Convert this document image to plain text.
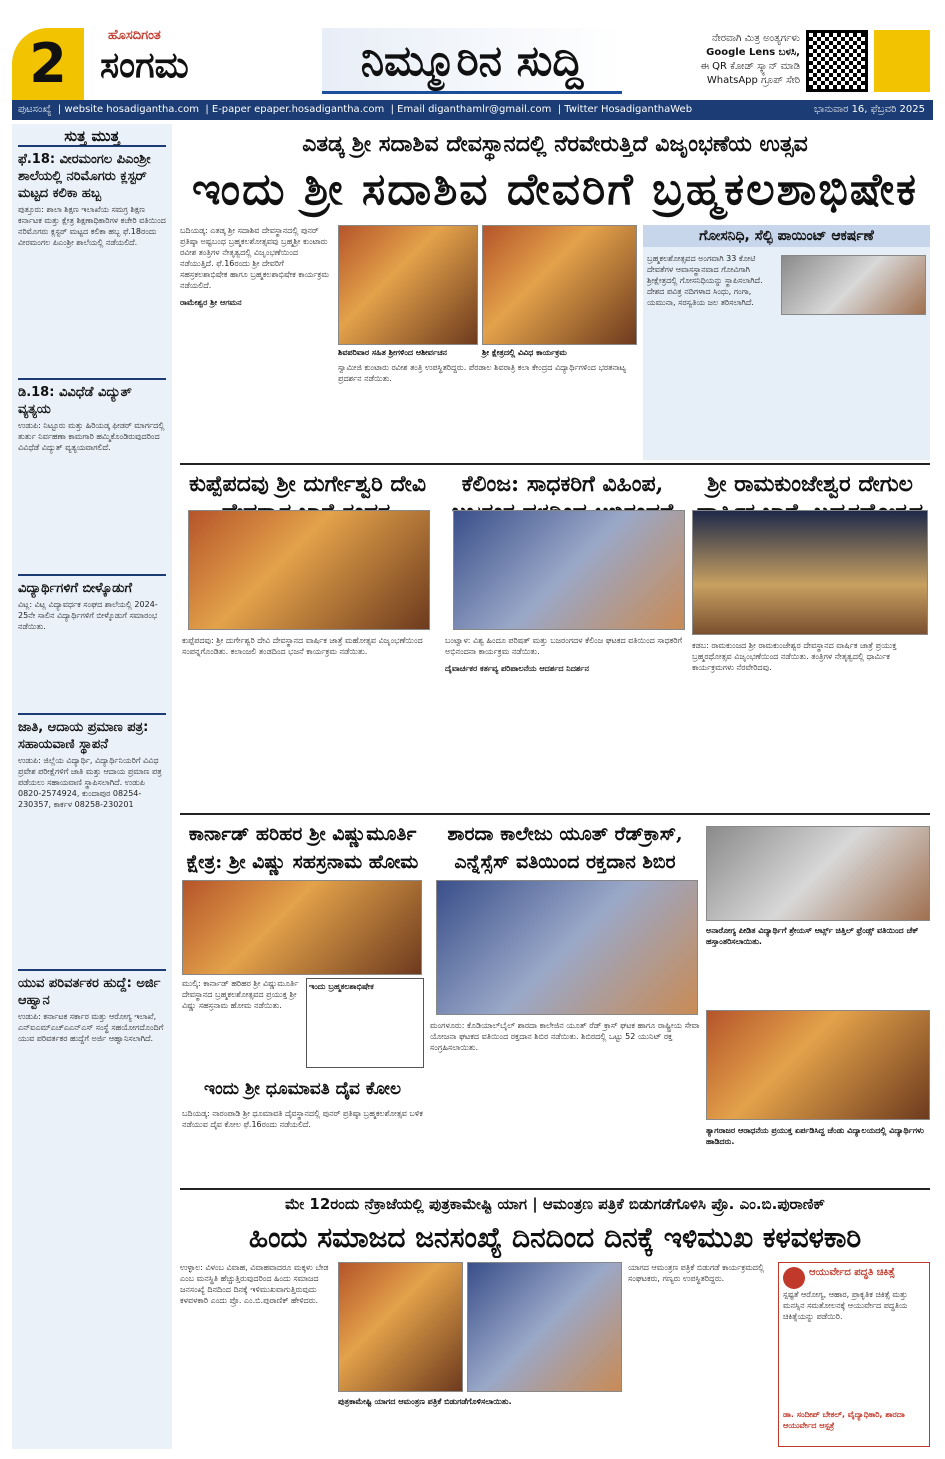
2	ಹೊಸದಿಗಂತ
ಸಂಗಮ	ನಿಮ್ಮೂರಿನ ಸುದ್ದಿ	ನೇರವಾಗಿ ಮಿತ್ರ ಅಂತ್ಯರ್ಗಳು
Google Lens ಬಳಸಿ,
ಈ QR ಕೋಡ್ ಸ್ಕ್ಯಾನ್ ಮಾಡಿ
WhatsApp ಗ್ರೂಪ್ ಸೇರಿ
ಪುಟಸಂಖ್ಯೆ  | website hosadigantha.com  | E-paper epaper.hosadigantha.com  | Email diganthamlr@gmail.com  | Twitter HosadiganthaWeb	ಭಾನುವಾರ 16, ಫೆಬ್ರವರಿ 2025
ಸುತ್ತ ಮುತ್ತ
ಫೆ.18: ವೀರಮಂಗಲ ಪಿಎಂಶ್ರೀ ಶಾಲೆಯಲ್ಲಿ ನರಿಮೊಗರು ಕ್ಲಸ್ಟರ್ ಮಟ್ಟದ ಕಲಿಕಾ ಹಬ್ಬ
ಪುತ್ತೂರು: ಶಾಲಾ ಶಿಕ್ಷಣ ಇಲಾಖೆಯ ಸಮಗ್ರ ಶಿಕ್ಷಣ ಕರ್ನಾಟಕ ಮತ್ತು ಕ್ಷೇತ್ರ ಶಿಕ್ಷಣಾಧಿಕಾರಿಗಳ ಕಚೇರಿ ವತಿಯಿಂದ ನರಿಮೊಗರು ಕ್ಲಸ್ಟರ್ ಮಟ್ಟದ ಕಲಿಕಾ ಹಬ್ಬ ಫೆ.18ರಂದು ವೀರಮಂಗಲ ಪಿಎಂಶ್ರೀ ಶಾಲೆಯಲ್ಲಿ ನಡೆಯಲಿದೆ.
ಡಿ.18: ವಿವಿಧೆಡೆ ವಿದ್ಯುತ್ ವ್ಯತ್ಯಯ
ಉಡುಪಿ: ನಿಟ್ಟೂರು ಮತ್ತು ಹಿರಿಯಡ್ಕ ಫೀಡರ್ ಮಾರ್ಗದಲ್ಲಿ ತುರ್ತು ನಿರ್ವಹಣಾ ಕಾಮಗಾರಿ ಹಮ್ಮಿಕೊಂಡಿರುವುದರಿಂದ ವಿವಿಧೆಡೆ ವಿದ್ಯುತ್ ವ್ಯತ್ಯಯವಾಗಲಿದೆ.
ವಿದ್ಯಾರ್ಥಿಗಳಿಗೆ ಬೀಳ್ಕೊಡುಗೆ
ವಿಟ್ಲ: ವಿಟ್ಲ ವಿದ್ಯಾವರ್ಧಕ ಸಂಘದ ಶಾಲೆಯಲ್ಲಿ 2024-25ನೇ ಸಾಲಿನ ವಿದ್ಯಾರ್ಥಿಗಳಿಗೆ ಬೀಳ್ಕೊಡುಗೆ ಸಮಾರಂಭ ನಡೆಯಿತು.
ಜಾತಿ, ಆದಾಯ ಪ್ರಮಾಣ ಪತ್ರ: ಸಹಾಯವಾಣಿ ಸ್ಥಾಪನೆ
ಉಡುಪಿ: ಜಿಲ್ಲೆಯ ವಿದ್ಯಾರ್ಥಿ, ವಿದ್ಯಾರ್ಥಿನಿಯರಿಗೆ ವಿವಿಧ ಪ್ರವೇಶ ಪರೀಕ್ಷೆಗಳಿಗೆ ಜಾತಿ ಮತ್ತು ಆದಾಯ ಪ್ರಮಾಣ ಪತ್ರ ಪಡೆಯಲು ಸಹಾಯವಾಣಿ ಸ್ಥಾಪಿಸಲಾಗಿದೆ. ಉಡುಪಿ 0820-2574924, ಕುಂದಾಪುರ 08254-230357, ಕಾರ್ಕಳ 08258-230201
ಯುವ ಪರಿವರ್ತಕರ ಹುದ್ದೆ: ಅರ್ಜಿ ಆಹ್ವಾನ
ಉಡುಪಿ: ಕರ್ನಾಟಕ ಸರ್ಕಾರ ಮತ್ತು ಆರೋಗ್ಯ ಇಲಾಖೆ, ಎನ್ಐಎಮ್ಎಚ್ಎಎನ್ಎಸ್ ಸಂಸ್ಥೆ ಸಹಯೋಗದೊಂದಿಗೆ ಯುವ ಪರಿವರ್ತಕರ ಹುದ್ದೆಗೆ ಅರ್ಜಿ ಆಹ್ವಾನಿಸಲಾಗಿದೆ.
ಎತಡ್ಕ ಶ್ರೀ ಸದಾಶಿವ ದೇವಸ್ಥಾನದಲ್ಲಿ ನೆರವೇರುತ್ತಿದೆ ವಿಜೃಂಭಣೆಯ ಉತ್ಸವ
ಇಂದು ಶ್ರೀ ಸದಾಶಿವ ದೇವರಿಗೆ ಬ್ರಹ್ಮಕಲಶಾಭಿಷೇಕ
ಬದಿಯಡ್ಕ: ಎತಡ್ಕ ಶ್ರೀ ಸದಾಶಿವ ದೇವಸ್ಥಾನದಲ್ಲಿ ಪುನರ್ ಪ್ರತಿಷ್ಠಾ ಅಷ್ಟಬಂಧ ಬ್ರಹ್ಮಕಲಶೋತ್ಸವವು ಬ್ರಹ್ಮಶ್ರೀ ಕುಂಟಾರು ರವೀಶ ತಂತ್ರಿಗಳ ನೇತೃತ್ವದಲ್ಲಿ ವಿಜೃಂಭಣೆಯಿಂದ ನಡೆಯುತ್ತಿದೆ. ಫೆ.16ರಂದು ಶ್ರೀ ದೇವರಿಗೆ ಸಹಸ್ರಕಲಶಾಭಿಷೇಕ ಹಾಗೂ ಬ್ರಹ್ಮಕಲಶಾಭಿಷೇಕ ಕಾರ್ಯಕ್ರಮ ನಡೆಯಲಿದೆ.
ರಾಮೇಶ್ವರ ಶ್ರೀ ಆಗಮನ
ಶಿವಪರಿವಾರ ಸಹಿತ ಶ್ರೀಗಳಿಂದ ಆಶೀರ್ವಚನ	ಶ್ರೀ ಕ್ಷೇತ್ರದಲ್ಲಿ ವಿವಿಧ ಕಾರ್ಯಕ್ರಮ
ಸ್ವಾಮೀಜಿ ಕುಂಟಾರು ರವೀಶ ತಂತ್ರಿ ಉಪಸ್ಥಿತರಿದ್ದರು. ಪೆರಡಾಲ ಶಿವರಾತ್ರಿ ಕಲಾ ಕೇಂದ್ರದ ವಿದ್ಯಾರ್ಥಿಗಳಿಂದ ಭರತನಾಟ್ಯ ಪ್ರದರ್ಶನ ನಡೆಯಿತು.
ಗೋಸನಿಧಿ, ಸೆಲ್ಫಿ ಪಾಯಿಂಟ್ ಆಕರ್ಷಣೆ
ಬ್ರಹ್ಮಕಲಶೋತ್ಸವದ ಅಂಗವಾಗಿ 33 ಕೋಟಿ ದೇವತೆಗಳ ಆವಾಸಸ್ಥಾನವಾದ ಗೋವಿಗಾಗಿ ಶ್ರೀಕ್ಷೇತ್ರದಲ್ಲಿ ಗೋಸನಿಧಿಯನ್ನು ಸ್ಥಾಪಿಸಲಾಗಿದೆ. ದೇಶದ ಪವಿತ್ರ ನದಿಗಳಾದ ಸಿಂಧು, ಗಂಗಾ, ಯಮುನಾ, ಸರಸ್ವತಿಯ ಜಲ ತರಿಸಲಾಗಿದೆ.
ಕುಪ್ಪೆಪದವು ಶ್ರೀ ದುರ್ಗೇಶ್ವರಿ ದೇವಿ
ಕುಪ್ಪೆಪದವು: ಶ್ರೀ ದುರ್ಗೇಶ್ವರಿ ದೇವಿ ದೇವಸ್ಥಾನದ ವಾರ್ಷಿಕ ಜಾತ್ರೆ ಮಹೋತ್ಸವ ವಿಜೃಂಭಣೆಯಿಂದ ಸಂಪನ್ನಗೊಂಡಿತು. ಕಲಾಂಜಲಿ ತಂಡದಿಂದ ಭಜನೆ ಕಾರ್ಯಕ್ರಮ ನಡೆಯಿತು.
ಕೆಲಿಂಜ: ಸಾಧಕರಿಗೆ ವಿಹಿಂಪ,
ಬಂಟ್ವಾಳ: ವಿಶ್ವ ಹಿಂದೂ ಪರಿಷತ್ ಮತ್ತು ಬಜರಂಗದಳ ಕೆಲಿಂಜ ಘಟಕದ ವತಿಯಿಂದ ಸಾಧಕರಿಗೆ ಅಭಿನಂದನಾ ಕಾರ್ಯಕ್ರಮ ನಡೆಯಿತು.
ದೈವಾರ್ಚಕರ ಕರ್ತವ್ಯ ಪರಿಪಾಲನೆಯ ಆದರ್ಶದ ನಿದರ್ಶನ
ಶ್ರೀ ರಾಮಕುಂಜೇಶ್ವರ ದೇಗುಲ
ಕಡಬ: ರಾಮಕುಂಜದ ಶ್ರೀ ರಾಮಕುಂಜೇಶ್ವರ ದೇವಸ್ಥಾನದ ವಾರ್ಷಿಕ ಜಾತ್ರೆ ಪ್ರಯುಕ್ತ ಬ್ರಹ್ಮರಥೋತ್ಸವ ವಿಜೃಂಭಣೆಯಿಂದ ನಡೆಯಿತು. ತಂತ್ರಿಗಳ ನೇತೃತ್ವದಲ್ಲಿ ಧಾರ್ಮಿಕ ಕಾರ್ಯಕ್ರಮಗಳು ನೆರವೇರಿದವು.
ಕಾರ್ನಾಡ್ ಹರಿಹರ ಶ್ರೀ ವಿಷ್ಣುಮೂರ್ತಿ ಕ್ಷೇತ್ರ: ಶ್ರೀ ವಿಷ್ಣು ಸಹಸ್ರನಾಮ ಹೋಮ
ಮುಲ್ಕಿ: ಕಾರ್ನಾಡ್ ಹರಿಹರ ಶ್ರೀ ವಿಷ್ಣುಮೂರ್ತಿ ದೇವಸ್ಥಾನದ ಬ್ರಹ್ಮಕಲಶೋತ್ಸವದ ಪ್ರಯುಕ್ತ ಶ್ರೀ ವಿಷ್ಣು ಸಹಸ್ರನಾಮ ಹೋಮ ನಡೆಯಿತು.
ಇಂದು ಬ್ರಹ್ಮಕಲಶಾಭಿಷೇಕ
ಶಾರದಾ ಕಾಲೇಜು ಯೂತ್ ರೆಡ್‌ಕ್ರಾಸ್, ಎನ್ನೆಸ್ಸೆಸ್ ವತಿಯಿಂದ ರಕ್ತದಾನ ಶಿಬಿರ
ಮಂಗಳೂರು: ಕೊಡಿಯಾಲ್‌ಬೈಲ್ ಶಾರದಾ ಕಾಲೇಜಿನ ಯೂತ್ ರೆಡ್ ಕ್ರಾಸ್ ಘಟಕ ಹಾಗೂ ರಾಷ್ಟ್ರೀಯ ಸೇವಾ ಯೋಜನಾ ಘಟಕದ ವತಿಯಿಂದ ರಕ್ತದಾನ ಶಿಬಿರ ನಡೆಯಿತು. ಶಿಬಿರದಲ್ಲಿ ಒಟ್ಟು 52 ಯುನಿಟ್ ರಕ್ತ ಸಂಗ್ರಹಿಸಲಾಯಿತು.
ಅನಾರೋಗ್ಯ ಪೀಡಿತ ವಿದ್ಯಾರ್ಥಿಗೆ ಶ್ರೇಯಸ್ ಆರ್ಟ್ಸ್ ಚಿತ್ತಿಲ್ ಫ್ರೆಂಡ್ಸ್ ವತಿಯಿಂದ ಚೆಕ್ ಹಸ್ತಾಂತರಿಸಲಾಯಿತು.
ಇಂದು ಶ್ರೀ ಧೂಮಾವತಿ ದೈವ ಕೋಲ
ಬದಿಯಡ್ಕ: ನಾರಂಪಾಡಿ ಶ್ರೀ ಧೂಮಾವತಿ ದೈವಸ್ಥಾನದಲ್ಲಿ ಪುನರ್ ಪ್ರತಿಷ್ಠಾ ಬ್ರಹ್ಮಕಲಶೋತ್ಸವ ಬಳಿಕ ನಡೆಯುವ ದೈವ ಕೋಲ ಫೆ.16ರಂದು ನಡೆಯಲಿದೆ.
ತ್ಯಾಗರಾಜರ ಆರಾಧನೆಯ ಪ್ರಯುಕ್ತ ಏರ್ಪಡಿಸಿದ್ದ ಚೆಂಡು ವಿದ್ಯಾಲಯದಲ್ಲಿ ವಿದ್ಯಾರ್ಥಿಗಳು ಹಾಡಿದರು.
ಮೇ 12ರಂದು ನೆಕ್ರಾಜೆಯಲ್ಲಿ ಪುತ್ರಕಾಮೇಷ್ಟಿ ಯಾಗ | ಆಮಂತ್ರಣ ಪತ್ರಿಕೆ ಬಿಡುಗಡೆಗೊಳಿಸಿ ಪ್ರೊ. ಎಂ.ಬಿ.ಪುರಾಣಿಕ್
ಹಿಂದು ಸಮಾಜದ ಜನಸಂಖ್ಯೆ ದಿನದಿಂದ ದಿನಕ್ಕೆ ಇಳಿಮುಖ ಕಳವಳಕಾರಿ
ಉಳ್ಳಾಲ: ವಿಳಂಬ ವಿವಾಹ, ವಿವಾಹವಾದರೂ ಮಕ್ಕಳು ಬೇಡ ಎಂಬ ಮನಸ್ಥಿತಿ ಹೆಚ್ಚುತ್ತಿರುವುದರಿಂದ ಹಿಂದು ಸಮಾಜದ ಜನಸಂಖ್ಯೆ ದಿನದಿಂದ ದಿನಕ್ಕೆ ಇಳಿಮುಖವಾಗುತ್ತಿರುವುದು ಕಳವಳಕಾರಿ ಎಂದು ಪ್ರೊ. ಎಂ.ಬಿ.ಪುರಾಣಿಕ್ ಹೇಳಿದರು.
ಪುತ್ರಕಾಮೇಷ್ಟಿ ಯಾಗದ ಆಮಂತ್ರಣ ಪತ್ರಿಕೆ ಬಿಡುಗಡೆಗೊಳಿಸಲಾಯಿತು.
ಯಾಗದ ಆಮಂತ್ರಣ ಪತ್ರಿಕೆ ಬಿಡುಗಡೆ ಕಾರ್ಯಕ್ರಮದಲ್ಲಿ ಸಂಘಟಕರು, ಗಣ್ಯರು ಉಪಸ್ಥಿತರಿದ್ದರು.
ಆಯುರ್ವೇದ ಪದ್ಧತಿ ಚಿಕಿತ್ಸೆ
ಸ್ಪಷ್ಟತೆ ಆರೋಗ್ಯ, ಆಹಾರ, ಪ್ರಾಕೃತಿಕ ಚಿಕಿತ್ಸೆ ಮತ್ತು ಮನಸ್ಸಿನ ಸಮತೋಲನಕ್ಕೆ ಆಯುರ್ವೇದ ಪದ್ಧತಿಯ ಚಿಕಿತ್ಸೆಯನ್ನು ಪಡೆಯಿರಿ.
ಡಾ. ಸಂದೀಪ್ ಬೇಕಲ್, ವೈದ್ಯಾಧಿಕಾರಿ, ಶಾರದಾ ಆಯುರ್ವೇದ ಆಸ್ಪತ್ರೆ
